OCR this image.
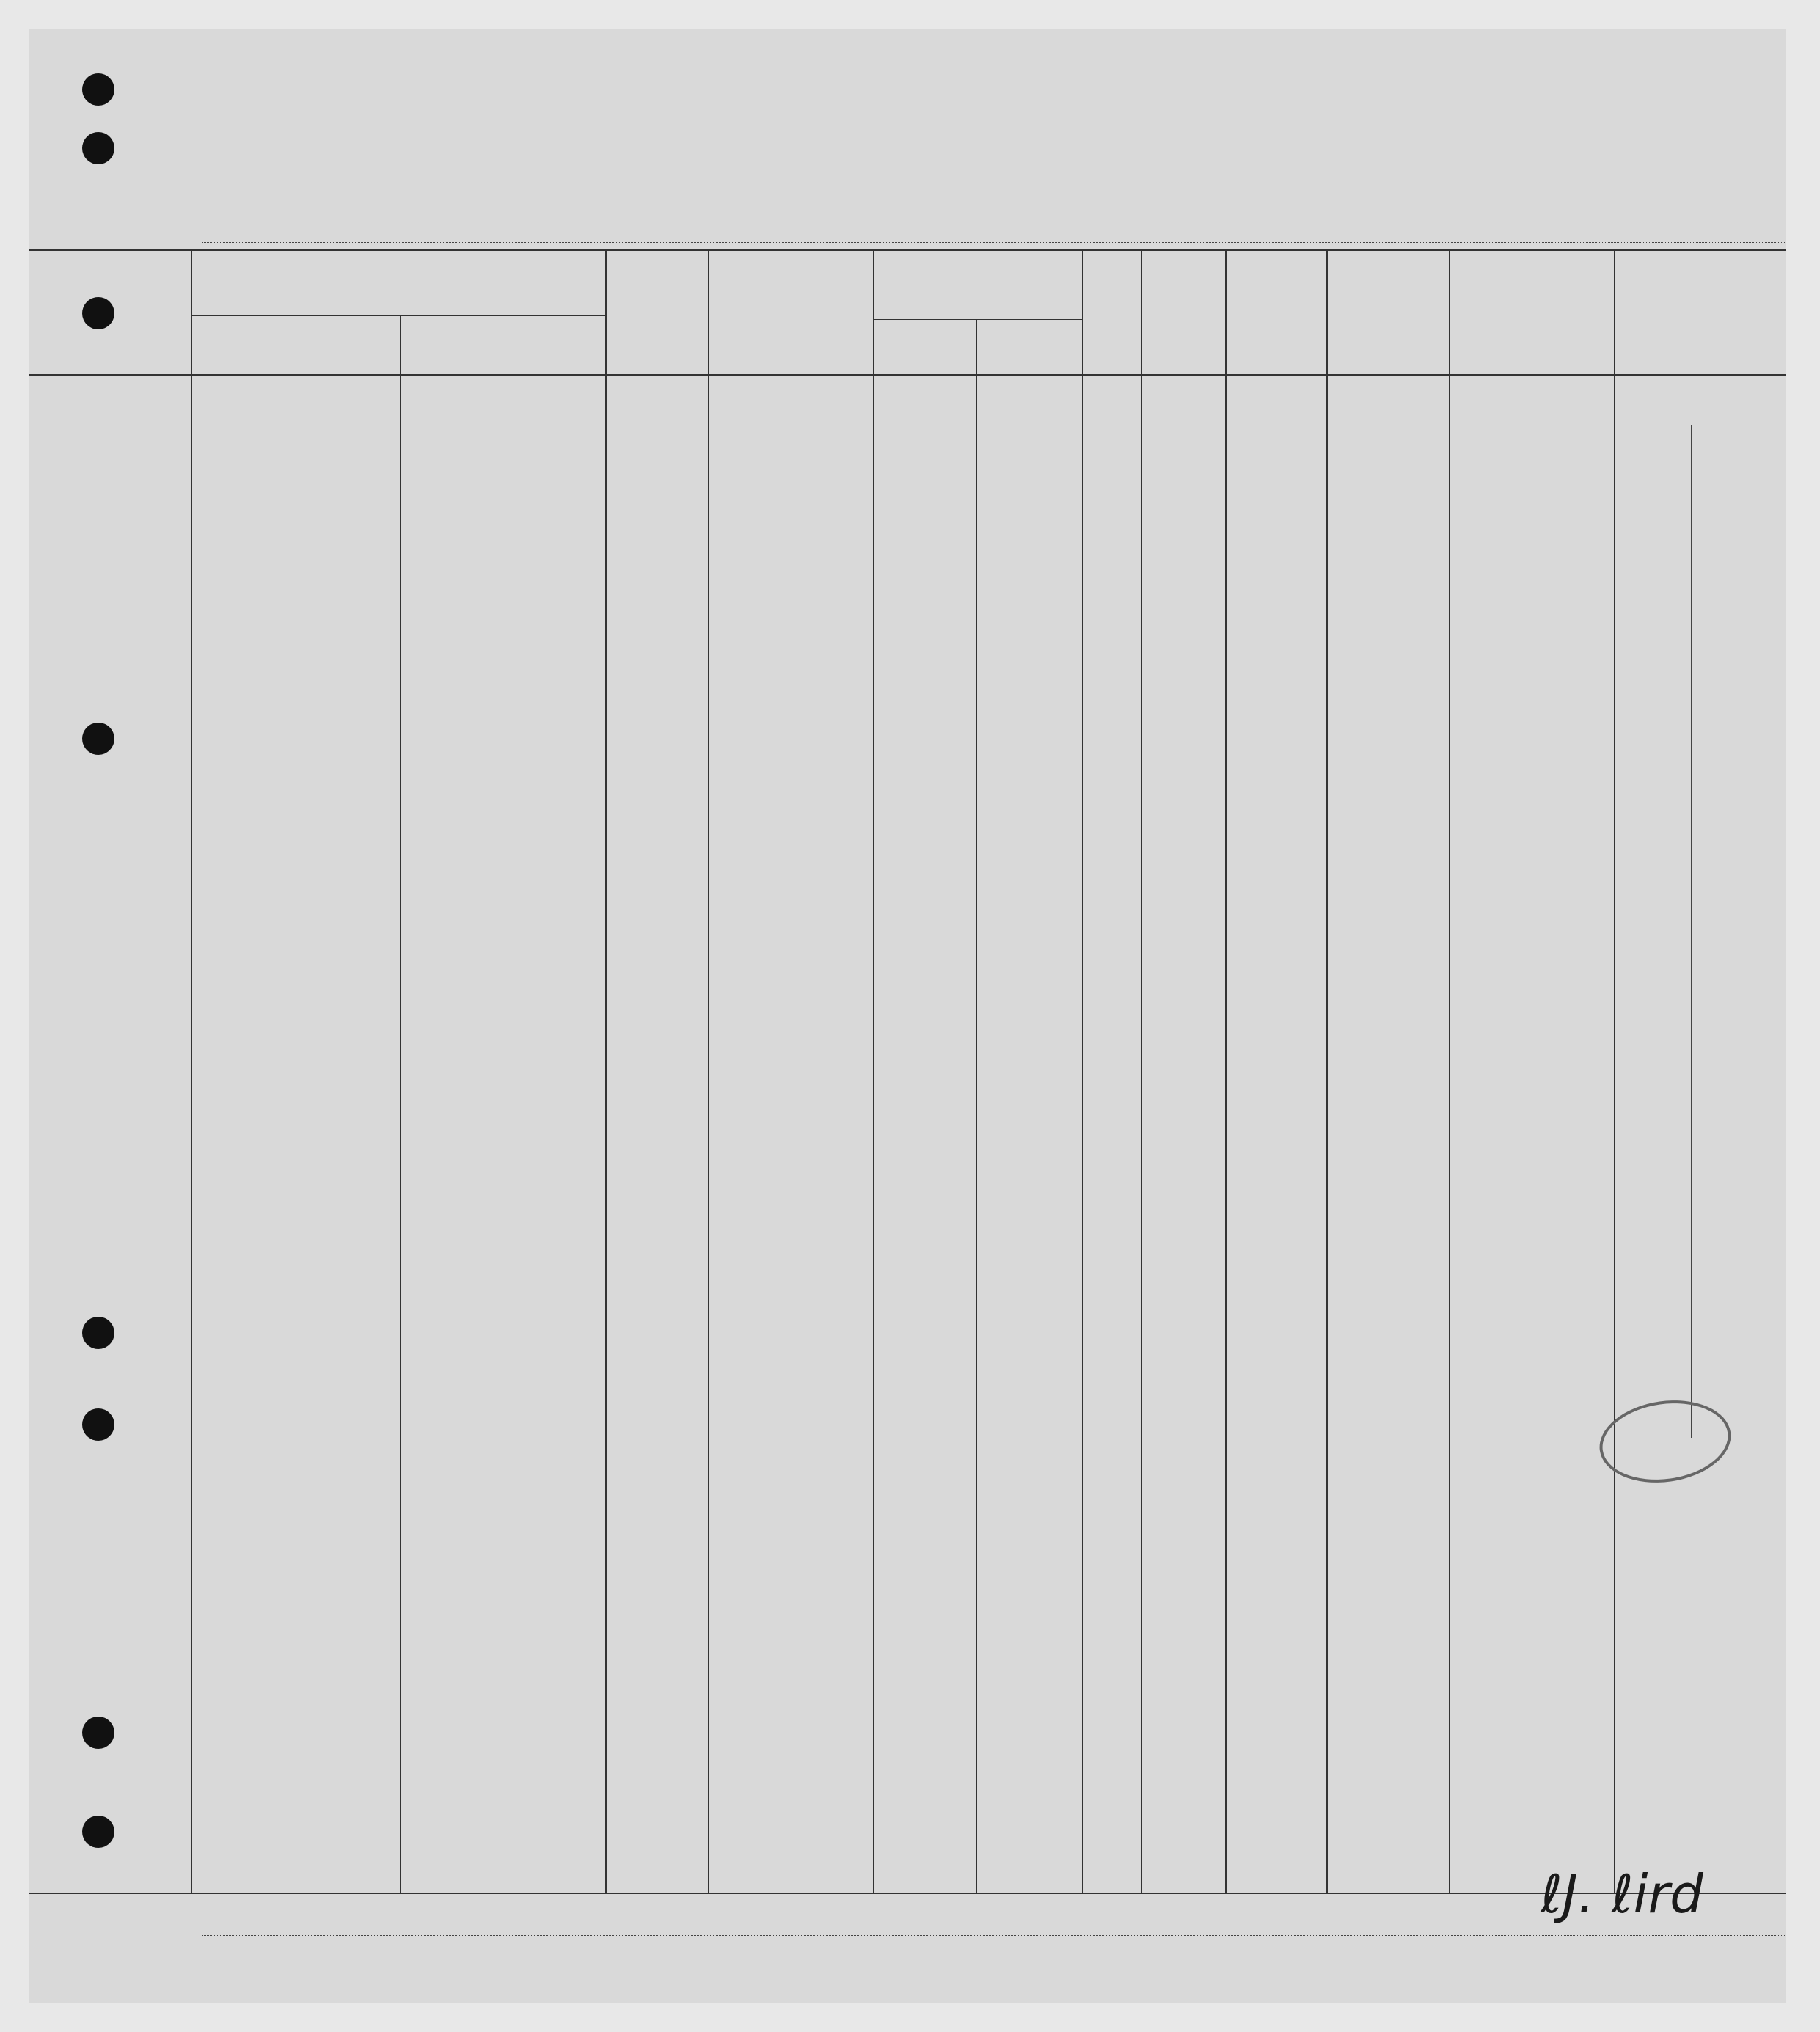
ℓJ. ℓird
